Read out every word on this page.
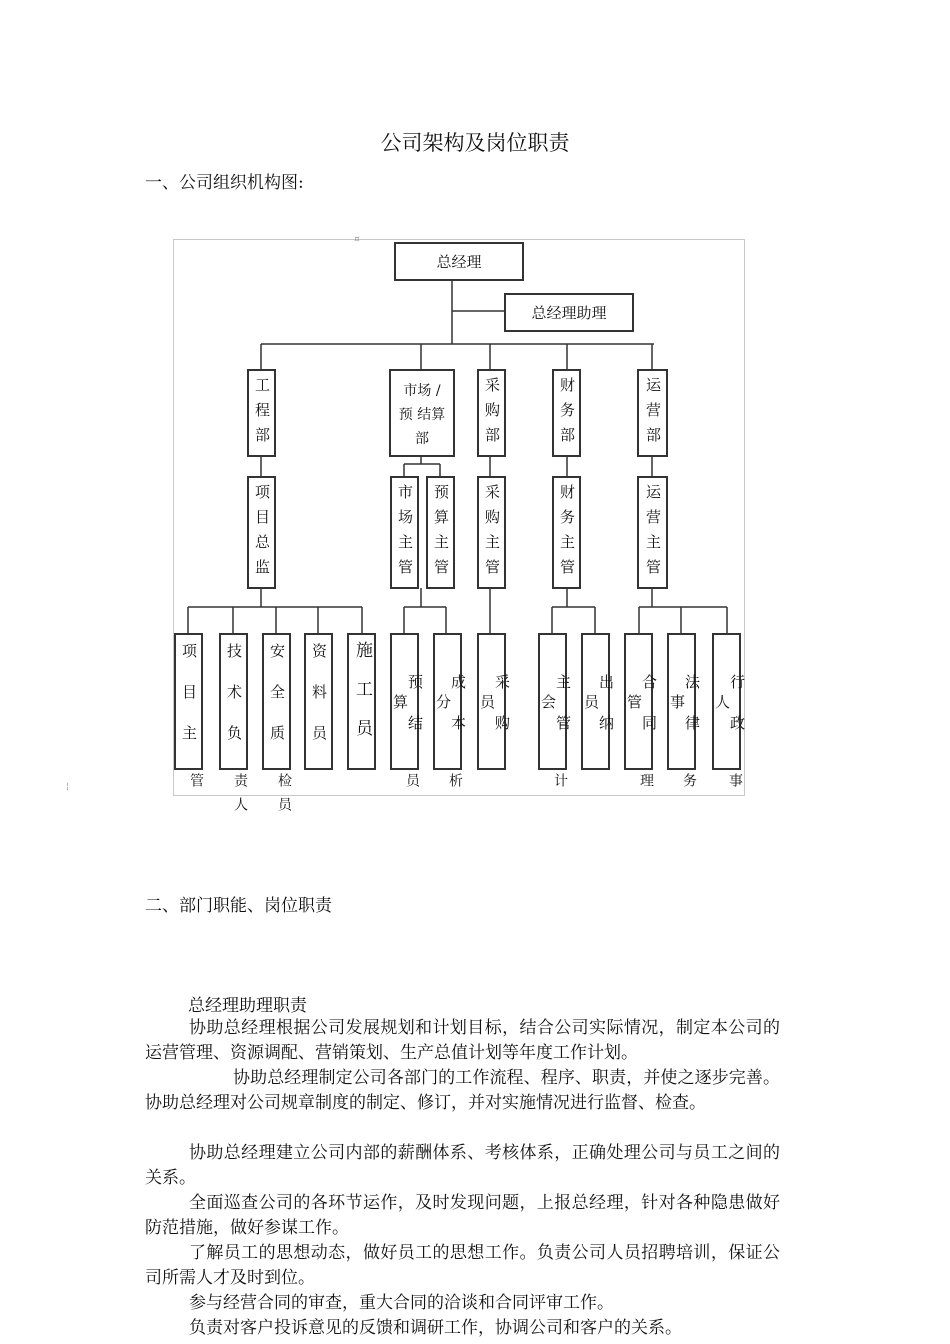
公司架构及岗位职责
一、公司组织机构图:
¤
¦
总经理
总经理助理
工程部	市场 / 预 结算部	采购部	财务部	运营部
项目总监	市场主管 预算主管 采购主管	财务主管	运营主管
项目主
管
技术负
责人
安全质
检员
资料员 施工员	预结算
员
成本分
析
采购员	主管会
计
出纳员	合同管
理
法律事
务
行政人
事
二、部门职能、岗位职责
总经理助理职责
协助总经理根据公司发展规划和计划目标，结合公司实际情况，制定本公司的运营管理、资源调配、营销策划、生产总值计划等年度工作计划。
协助总经理制定公司各部门的工作流程、程序、职责，并使之逐步完善。 协助总经理对公司规章制度的制定、修订，并对实施情况进行监督、检查。
协助总经理建立公司内部的薪酬体系、考核体系，正确处理公司与员工之间的关系。
全面巡查公司的各环节运作，及时发现问题，上报总经理，针对各种隐患做好防范措施，做好参谋工作。
了解员工的思想动态，做好员工的思想工作。负责公司人员招聘培训，保证公司所需人才及时到位。
参与经营合同的审查，重大合同的洽谈和合同评审工作。
负责对客户投诉意见的反馈和调研工作，协调公司和客户的关系。
